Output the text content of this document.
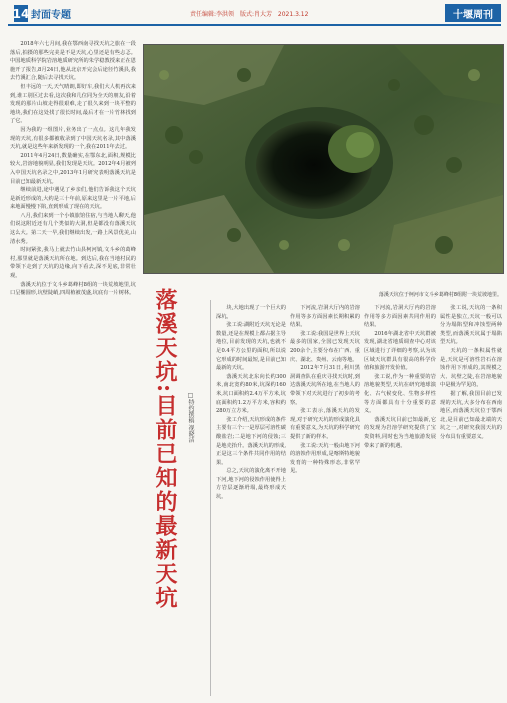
14 封面专题	责任编辑:李洪领 版式:肖大芳 2021.3.12	十堰周刊

2018年六七月间,我在鄂西南寻找天坑之旅在一段落后,拍摄的那些完美是不是天坑,心里还是有些忐忑。中国地质科学院岩溶地质研究所的朱学稳教授来正在恩施开了报告,8月24日,他从北京开完会后途径竹溪县,我去竹溪汇合,随后去寻找天坑。

但丰远的一天,天气晴朗,即好车,我们大人机再次来到,谁工别区过去看,这次我和几位同为全天的朋友,沿着发现的那片山坡走得很艰难,走了很久来到一块平整的地块,我们在这处找了很长时间,最后才在一片竹林找到了它。

因为我的一组图片,业务出了一点点。这几年我发现的天坑,有很多都被收录到了中国天坑名录,其中落溪天坑,就是这些年来新发现的一个,我在2011年去过。

2011年4月24日,数量确实,在鄂东北,面积,规模比较大,岩溶地貌明显,我们发现是天坑。2012年4月被列入中国天坑名录之中,2013年1月研究表明落溪天坑是目前已知最新天坑。

继续前进,途中遇见了乡亲们,他们告诉我这个天坑是新近形成的,大约是三十年前,原来这里是一片平地,后来地面慢慢下陷,直到形成了现在的天坑。

八月,我们来到一个小镇旅馆住宿,与当地人聊天,他们说这附近还有几个类似的大洞,但是都没有落溪天坑这么大。第二天一早,我们继续出发,一路上风景优美,山清水秀。

时间紧张,我马上就去竹山县柯河镇,文斗乡的葛峰村,那里就是落溪天坑所在地。到达后,我在当地村民的带领下走到了天坑的边缘,向下看去,深不见底,非常壮观。

落溪天坑位于文斗乡葛峰村8组的一块荒坡地里,坑口呈椭圆形,坑壁陡峭,四周植被茂盛,坑底有一片树林。	落溪天坑位于柯河市文斗乡葛峰村8组附一块荒坡地里。
落溪天坑:目前已知的最新天坑	□特约撰稿 视晓洁

块,大地出现了一个巨大的深坑。

张工说:湖附近天坑无论是数量,还是在规模上都占据主导地位,目前发现的天坑,也就不足0.4平方公里的面积,所以说它形成的时间最短,是目前已知最新的天坑。

落溪天坑北东向长约300米,南北宽约80米,坑深约160米,坑口面积约2.4万平方米,坑底面积约1.2万平方米,容积约280万立方米。

张工介绍,天坑形成的条件主要有三个:一是厚层可溶性碳酸盐岩;二是地下河的侵蚀;三是地壳抬升。落溪天坑的形成,正是这三个条件共同作用的结果。

总之,天坑的演化离不开地下河,地下河的侵蚀作用使得上方岩层逐渐坍塌,最终形成天坑。

下河流,岩洞大厅内的岩溶作用等多方面因素长期积累的结果。

张工说:我国是世界上天坑最多的国家,全国已发现天坑200余个,主要分布在广西、重庆、湖北、贵州、云南等地。

2012年7月31日,利川黑洞调查队在重庆寻找天坑时,到达落溪天坑所在地,在当地人的带领下对天坑进行了初步的考察。

张工表示,落溪天坑的发现,对于研究天坑的形成演化具有重要意义,为天坑的科学研究提供了新的样本。

张工说:天坑一般由地下河的溶蚀作用形成,是喀斯特地貌发育的一种特殊形态,非常罕见。

下河流,岩洞大厅内的岩溶作用等多方面因素共同作用的结果。

2016年湖北省中天坑群被发现,湖北省地质调查中心对该区域进行了详细的考察,认为该区域天坑群具有很高的科学价值和旅游开发价值。

张工说,作为一种重要的岩溶地貌类型,天坑在研究地球演化、古气候变化、生物多样性等方面都具有十分重要的意义。

落溪天坑目前已知最新,它的发现为岩溶学研究提供了宝贵资料,同时也为当地旅游发展带来了新的机遇。

张工说,天坑的一条积属性是独立,天坑一般可以分为塌陷型和冲蚀型两种类型,而落溪天坑属于塌陷型天坑。

天坑的一条积属性就是,天坑是可溶性岩石在溶蚀作用下形成的,其规模之大、坑壁之陡,在岩溶地貌中是极为罕见的。

据了解,我国目前已发现的天坑,大多分布在西南地区,而落溪天坑位于鄂西北,是目前已知最北端的天坑之一,对研究我国天坑的分布具有重要意义。
